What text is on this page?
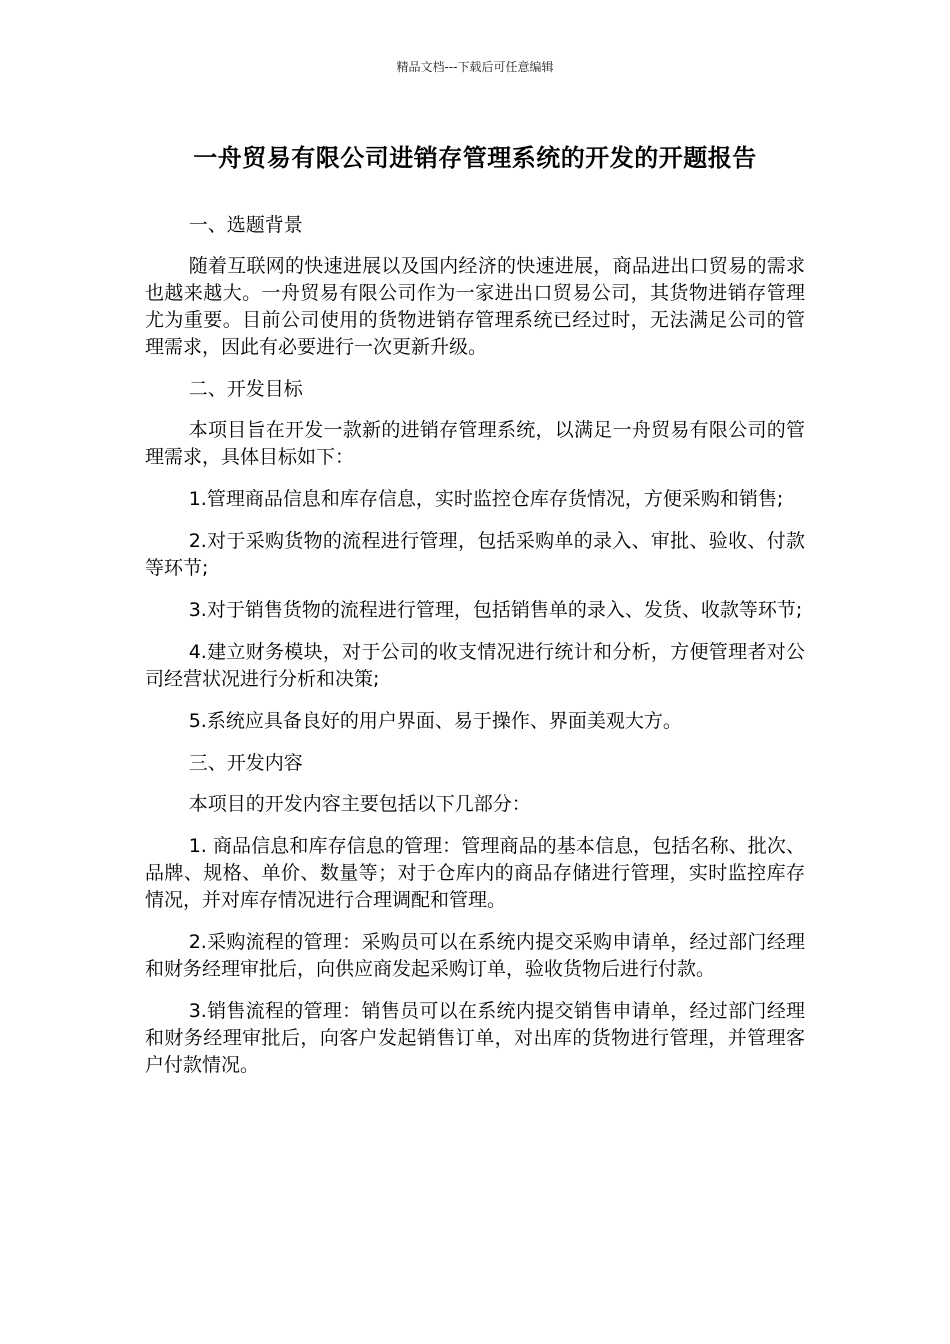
精品文档---下载后可任意编辑
一舟贸易有限公司进销存管理系统的开发的开题报告

一、选题背景

随着互联网的快速进展以及国内经济的快速进展，商品进出口贸易的需求也越来越大。一舟贸易有限公司作为一家进出口贸易公司，其货物进销存管理尤为重要。目前公司使用的货物进销存管理系统已经过时，无法满足公司的管理需求，因此有必要进行一次更新升级。

二、开发目标

本项目旨在开发一款新的进销存管理系统，以满足一舟贸易有限公司的管理需求，具体目标如下：

1.管理商品信息和库存信息，实时监控仓库存货情况，方便采购和销售;

2.对于采购货物的流程进行管理，包括采购单的录入、审批、验收、付款等环节;

3.对于销售货物的流程进行管理，包括销售单的录入、发货、收款等环节;

4.建立财务模块，对于公司的收支情况进行统计和分析，方便管理者对公司经营状况进行分析和决策;

5.系统应具备良好的用户界面、易于操作、界面美观大方。

三、开发内容

本项目的开发内容主要包括以下几部分：

1. 商品信息和库存信息的管理：管理商品的基本信息，包括名称、批次、品牌、规格、单价、数量等；对于仓库内的商品存储进行管理，实时监控库存情况，并对库存情况进行合理调配和管理。

2.采购流程的管理：采购员可以在系统内提交采购申请单，经过部门经理和财务经理审批后，向供应商发起采购订单，验收货物后进行付款。

3.销售流程的管理：销售员可以在系统内提交销售申请单，经过部门经理和财务经理审批后，向客户发起销售订单，对出库的货物进行管理，并管理客户付款情况。
